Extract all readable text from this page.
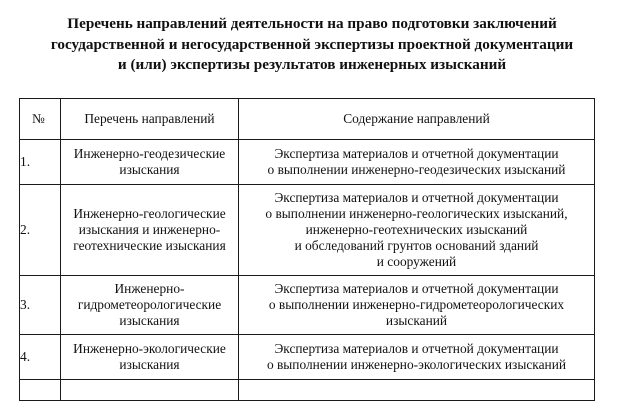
Перечень направлений деятельности на право подготовки заключений
государственной и негосударственной экспертизы проектной документации
и (или) экспертизы результатов инженерных изысканий
№	Перечень направлений	Содержание направлений
1.	Инженерно-геодезические
изыскания	Экспертиза материалов и отчетной документации
о выполнении инженерно-геодезических изысканий

2.	Инженерно-геологические
изыскания и инженерно-
геотехнические изыскания	Экспертиза материалов и отчетной документации
о выполнении инженерно-геологических изысканий,
инженерно-геотехнических изысканий
и обследований грунтов оснований зданий
и сооружений

3.	Инженерно-
гидрометеорологические
изыскания	Экспертиза материалов и отчетной документации
о выполнении инженерно-гидрометеорологических
изысканий

4.	Инженерно-экологические
изыскания	Экспертиза материалов и отчетной документации
о выполнении инженерно-экологических изысканий
